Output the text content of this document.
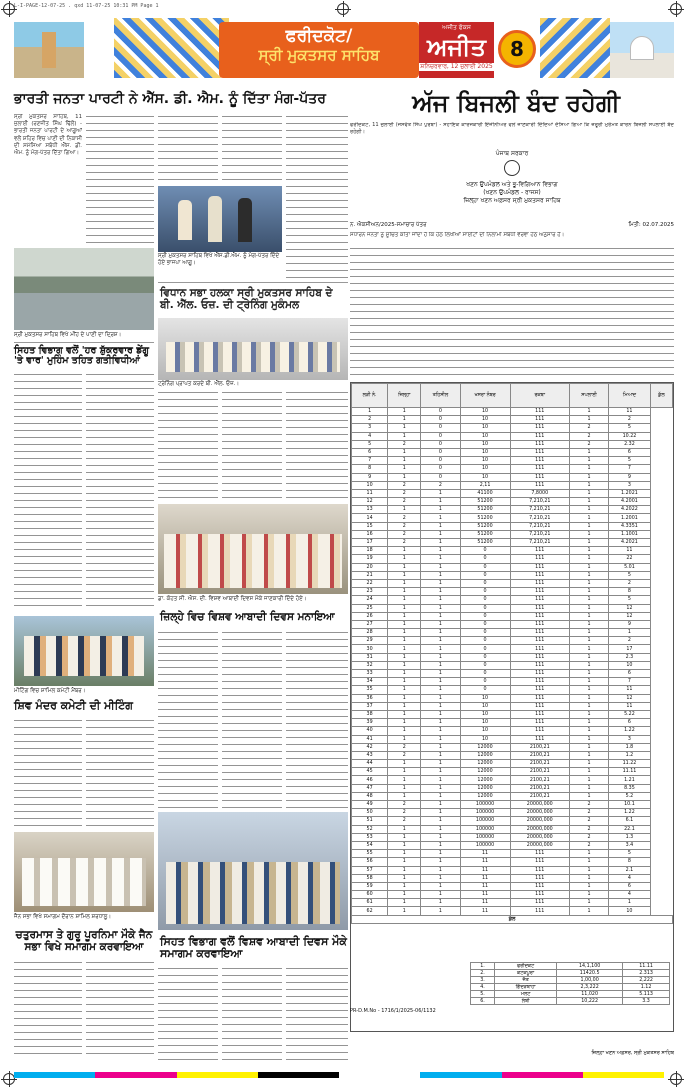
L-I-PAGE-12-07-25 . qxd 11-07-25 10:31 PM Page 1
ਫਰੀਦਕੋਟ/
ਸ੍ਰੀ ਮੁਕਤਸਰ ਸਾਹਿਬ
ਅਜੀਤ ਫੋਕਸ
ਅਜੀਤ
ਸ਼ਨਿਚਰਵਾਰ, 12 ਜੁਲਾਈ 2025
8
ਭਾਰਤੀ ਜਨਤਾ ਪਾਰਟੀ ਨੇ ਐੱਸ. ਡੀ. ਐਮ. ਨੂੰ ਦਿੱਤਾ ਮੰਗ-ਪੱਤਰ
ਸ੍ਰੀ ਮੁਕਤਸਰ ਸਾਹਿਬ, 11 ਜੁਲਾਈ (ਰਣਜੀਤ ਸਿੰਘ ਢਿੱਲੋਂ) - ਭਾਰਤੀ ਜਨਤਾ ਪਾਰਟੀ ਦੇ ਆਗੂਆਂ ਵਲੋਂ ਸ਼ਹਿਰ ਵਿਚ ਪਾਣੀ ਦੀ ਨਿਕਾਸੀ ਦੀ ਸਮੱਸਿਆ ਸਬੰਧੀ ਐੱਸ. ਡੀ. ਐਮ. ਨੂੰ ਮੰਗ-ਪੱਤਰ ਦਿੱਤਾ ਗਿਆ।
ਸ੍ਰੀ ਮੁਕਤਸਰ ਸਾਹਿਬ ਵਿਖੇ ਐੱਸ.ਡੀ.ਐਮ. ਨੂੰ ਮੰਗ-ਪੱਤਰ ਦਿੰਦੇ ਹੋਏ ਭਾਜਪਾ ਆਗੂ।
ਸ੍ਰੀ ਮੁਕਤਸਰ ਸਾਹਿਬ ਵਿਖੇ ਮੀਂਹ ਦੇ ਪਾਣੀ ਦਾ ਦ੍ਰਿਸ਼।
ਸਿਹਤ ਵਿਭਾਗ ਵਲੋਂ 'ਹਰ ਸ਼ੁੱਕਰਵਾਰ ਡੇਂਗੂ 'ਤੇ ਵਾਰ' ਮੁਹਿੰਮ ਤਹਿਤ ਗਤੀਵਿਧੀਆਂ
ਵਿਧਾਨ ਸਭਾ ਹਲਕਾ ਸ੍ਰੀ ਮੁਕਤਸਰ ਸਾਹਿਬ ਦੇ ਬੀ. ਐੱਲ. ਓਜ਼. ਦੀ ਟ੍ਰੇਨਿੰਗ ਮੁਕੰਮਲ
ਟ੍ਰੇਨਿੰਗ ਪ੍ਰਾਪਤ ਕਰਦੇ ਬੀ. ਐੱਲ. ਓਜ਼.।
ਮੀਟਿੰਗ ਵਿਚ ਸ਼ਾਮਿਲ ਕਮੇਟੀ ਮੈਂਬਰ।
ਡਾ. ਕੋਹਤ ਸੀ. ਐਸ. ਦੀ. ਵਿਸ਼ਵ ਆਬਾਦੀ ਦਿਵਸ ਮੌਕੇ ਜਾਣਕਾਰੀ ਦਿੰਦੇ ਹੋਏ।
ਜ਼ਿਲ੍ਹੇ ਵਿਚ ਵਿਸ਼ਵ ਆਬਾਦੀ ਦਿਵਸ ਮਨਾਇਆ
ਸ਼ਿਵ ਮੰਦਰ ਕਮੇਟੀ ਦੀ ਮੀਟਿੰਗ
ਸਿਹਤ ਵਿਭਾਗ ਵਲੋਂ ਵਿਸ਼ਵ ਆਬਾਦੀ ਦਿਵਸ ਮੌਕੇ ਸਮਾਗਮ ਕਰਵਾਇਆ
ਜੈਨ ਸਭਾ ਵਿਖੇ ਸਮਾਗਮ ਦੌਰਾਨ ਸ਼ਾਮਿਲ ਸ਼ਰਧਾਲੂ।
ਚਤੁਰਮਾਸ ਤੇ ਗੁਰੂ ਪੂਰਨਿਮਾ ਮੌਕੇ ਜੈਨ ਸਭਾ ਵਿਖੇ ਸਮਾਗਮ ਕਰਵਾਇਆ
ਅੱਜ ਬਿਜਲੀ ਬੰਦ ਰਹੇਗੀ
ਫਰੀਦਕੋਟ, 11 ਜੁਲਾਈ (ਜਸਵੰਤ ਸਿੰਘ ਪੁਰਬਾ) - ਸਹਾਇਕ ਕਾਰਜਕਾਰੀ ਇੰਜੀਨੀਅਰ ਵਲੋਂ ਜਾਣਕਾਰੀ ਦਿੰਦਿਆਂ ਦੱਸਿਆ ਗਿਆ ਕਿ ਜ਼ਰੂਰੀ ਮੁਰੰਮਤ ਕਾਰਨ ਬਿਜਲੀ ਸਪਲਾਈ ਬੰਦ ਰਹੇਗੀ।
ਪੰਜਾਬ ਸਰਕਾਰ
ਖਣਨ ਉਪਮੰਡਲ ਅਤੇ ਭੂ-ਵਿਗਿਆਨ ਵਿਭਾਗ
(ਖਣਨ ਉਪਮੰਡਲ - ਰਾਜਸ)
ਜ਼ਿਲ੍ਹਾ ਖਣਨ ਅਫ਼ਸਰ ਸ੍ਰੀ ਮੁਕਤਸਰ ਸਾਹਿਬ
ਨ. ਐਕਸੀਅਨ/2025-ਸਮਾਚਾਰ ਪੱਤਰ	ਮਿਤੀ: 02.07.2025
ਸਧਾਰਨ ਜਨਤਾ ਨੂੰ ਸੂਚਿਤ ਕੀਤਾ ਜਾਂਦਾ ਹੈ ਕਿ ਹੇਠ ਲਿਖੀਆਂ ਸਾਈਟਾਂ ਦੀ ਨਿਲਾਮੀ ਸਬੰਧੀ ਵੇਰਵਾ ਹੇਠ ਅਨੁਸਾਰ ਹੈ।
ਲੜੀ ਨੰ.	ਜ਼ਿਲ੍ਹਾ	ਤਹਿਸੀਲ	ਖਸਰਾ ਨੰਬਰ	ਰਕਬਾ	ਸਪਲਾਈ	ਮਿਆਦ	ਕੁੱਲ
1	1	0	10	111	1	11	
2	1	0	10	111	1	2	
3	1	0	10	111	2	5	
4	1	0	10	111	2	10.22	
5	2	0	10	111	2	2.32	
6	1	0	10	111	1	6	
7	1	0	10	111	1	5	
8	1	0	10	111	1	7	
9	1	0	10	111	1	9	
10	2	2	2,11	111	1	3	
11	2	1	41100	7,8000	1	1.2021	
12	2	1	51200	7,210,21	1	4.2001	
13	1	1	51200	7,210,21	1	4.2022	
14	2	1	51200	7,210,21	1	1.2001	
15	2	1	51200	7,210,21	1	4.3351	
16	2	1	51200	7,210,21	1	1.1001	
17	2	1	51200	7,210,21	1	4.2021	
18	1	1	0	111	1	11	
19	1	1	0	111	1	22	
20	1	1	0	111	1	5.01	
21	1	1	0	111	1	5	
22	1	1	0	111	1	2	
23	1	1	0	111	1	8	
24	1	1	0	111	1	5	
25	1	1	0	111	1	12	
26	1	1	0	111	1	12	
27	1	1	0	111	1	9	
28	1	1	0	111	1	1	
29	1	1	0	111	1	2	
30	1	1	0	111	1	17	
31	1	1	0	111	1	2.3	
32	1	1	0	111	1	10	
33	1	1	0	111	1	6	
34	1	1	0	111	1	7	
35	1	1	0	111	1	11	
36	1	1	10	111	1	12	
37	1	1	10	111	1	11	
38	1	1	10	111	1	5.22	
39	1	1	10	111	1	6	
40	1	1	10	111	1	1.22	
41	1	1	10	111	1	3	
42	2	1	12000	2100,21	1	1.8	
43	2	1	12000	2100,21	1	1.2	
44	1	1	12000	2100,21	1	11.22	
45	1	1	12000	2100,21	1	11.11	
46	1	1	12000	2100,21	1	1.21	
47	1	1	12000	2100,21	1	8.35	
48	1	1	12000	2100,21	1	5.2	
49	2	1	100000	20000,000	2	10.1	
50	2	1	100000	20000,000	2	1.22	
51	2	1	100000	20000,000	2	6.1	
52	1	1	100000	20000,000	2	22.1	
53	1	1	100000	20000,000	2	1.3	
54	1	1	100000	20000,000	2	3.4	
55	1	1	11	111	1	5	
56	1	1	11	111	1	8	
57	1	1	11	111	1	2.1	
58	1	1	11	111	1	4	
59	1	1	11	111	1	6	
60	1	1	11	111	1	4	
61	1	1	11	111	1	1	
62	1	1	11	111	1	10	
ਕੁੱਲ							
1.	ਫਰੀਦਕੋਟ	14,1,100	11.11
2.	ਕੋਟਕਪੂਰਾ	11420.5	2.313
3.	ਜੈਤੋ	1,00,00	2,222
4.	ਗਿੱਦੜਬਾਹਾ	2,3,222	1.12
5.	ਮਲੋਟ	11,020	5.113
6.	ਲੰਬੀ	10,222	3.3
PR-D.M.No - 1716/1/2025-06/1132
ਜ਼ਿਲ੍ਹਾ ਖਣਨ ਅਫ਼ਸਰ, ਸ੍ਰੀ ਮੁਕਤਸਰ ਸਾਹਿਬ
